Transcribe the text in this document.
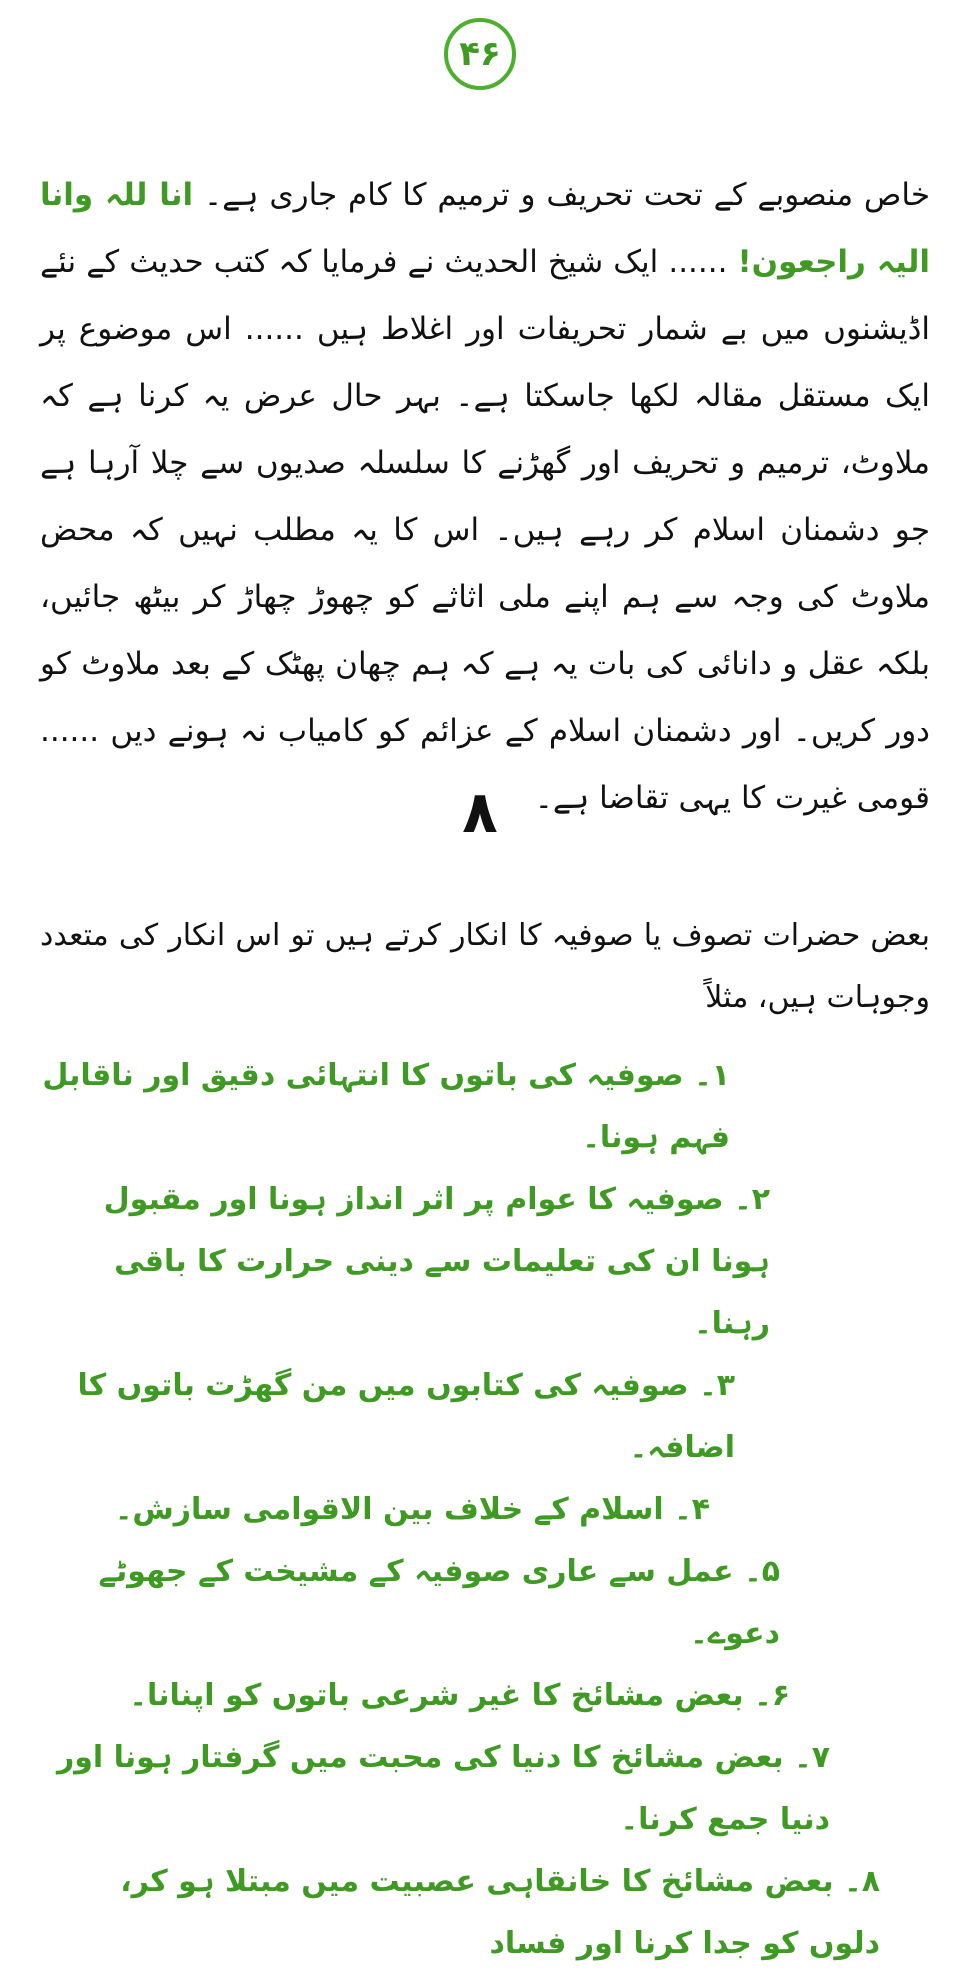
۴۶

خاص منصوبے کے تحت تحریف و ترمیم کا کام جاری ہے۔ انا للہ وانا الیہ راجعون! ...... ایک شیخ الحدیث نے فرمایا کہ کتب حدیث کے نئے اڈیشنوں میں بے شمار تحریفات اور اغلاط ہیں ...... اس موضوع پر ایک مستقل مقالہ لکھا جاسکتا ہے۔ بہر حال عرض یہ کرنا ہے کہ ملاوٹ، ترمیم و تحریف اور گھڑنے کا سلسلہ صدیوں سے چلا آرہا ہے جو دشمنان اسلام کر رہے ہیں۔ اس کا یہ مطلب نہیں کہ محض ملاوٹ کی وجہ سے ہم اپنے ملی اثاثے کو چھوڑ چھاڑ کر بیٹھ جائیں، بلکہ عقل و دانائی کی بات یہ ہے کہ ہم چھان پھٹک کے بعد ملاوٹ کو دور کریں۔ اور دشمنان اسلام کے عزائم کو کامیاب نہ ہونے دیں ...... قومی غیرت کا یہی تقاضا ہے۔

۸

بعض حضرات تصوف یا صوفیہ کا انکار کرتے ہیں تو اس انکار کی متعدد وجوہات ہیں، مثلاً

۱۔ صوفیہ کی باتوں کا انتہائی دقیق اور ناقابل فہم ہونا۔
۲۔ صوفیہ کا عوام پر اثر انداز ہونا اور مقبول ہونا ان کی تعلیمات سے دینی حرارت کا باقی رہنا۔
۳۔ صوفیہ کی کتابوں میں من گھڑت باتوں کا اضافہ۔
۴۔ اسلام کے خلاف بین الاقوامی سازش۔
۵۔ عمل سے عاری صوفیہ کے مشیخت کے جھوٹے دعوے۔
۶۔ بعض مشائخ کا غیر شرعی باتوں کو اپنانا۔
۷۔ بعض مشائخ کا دنیا کی محبت میں گرفتار ہونا اور دنیا جمع کرنا۔
۸۔ بعض مشائخ کا خانقاہی عصبیت میں مبتلا ہو کر، دلوں کو جدا کرنا اور فساد
